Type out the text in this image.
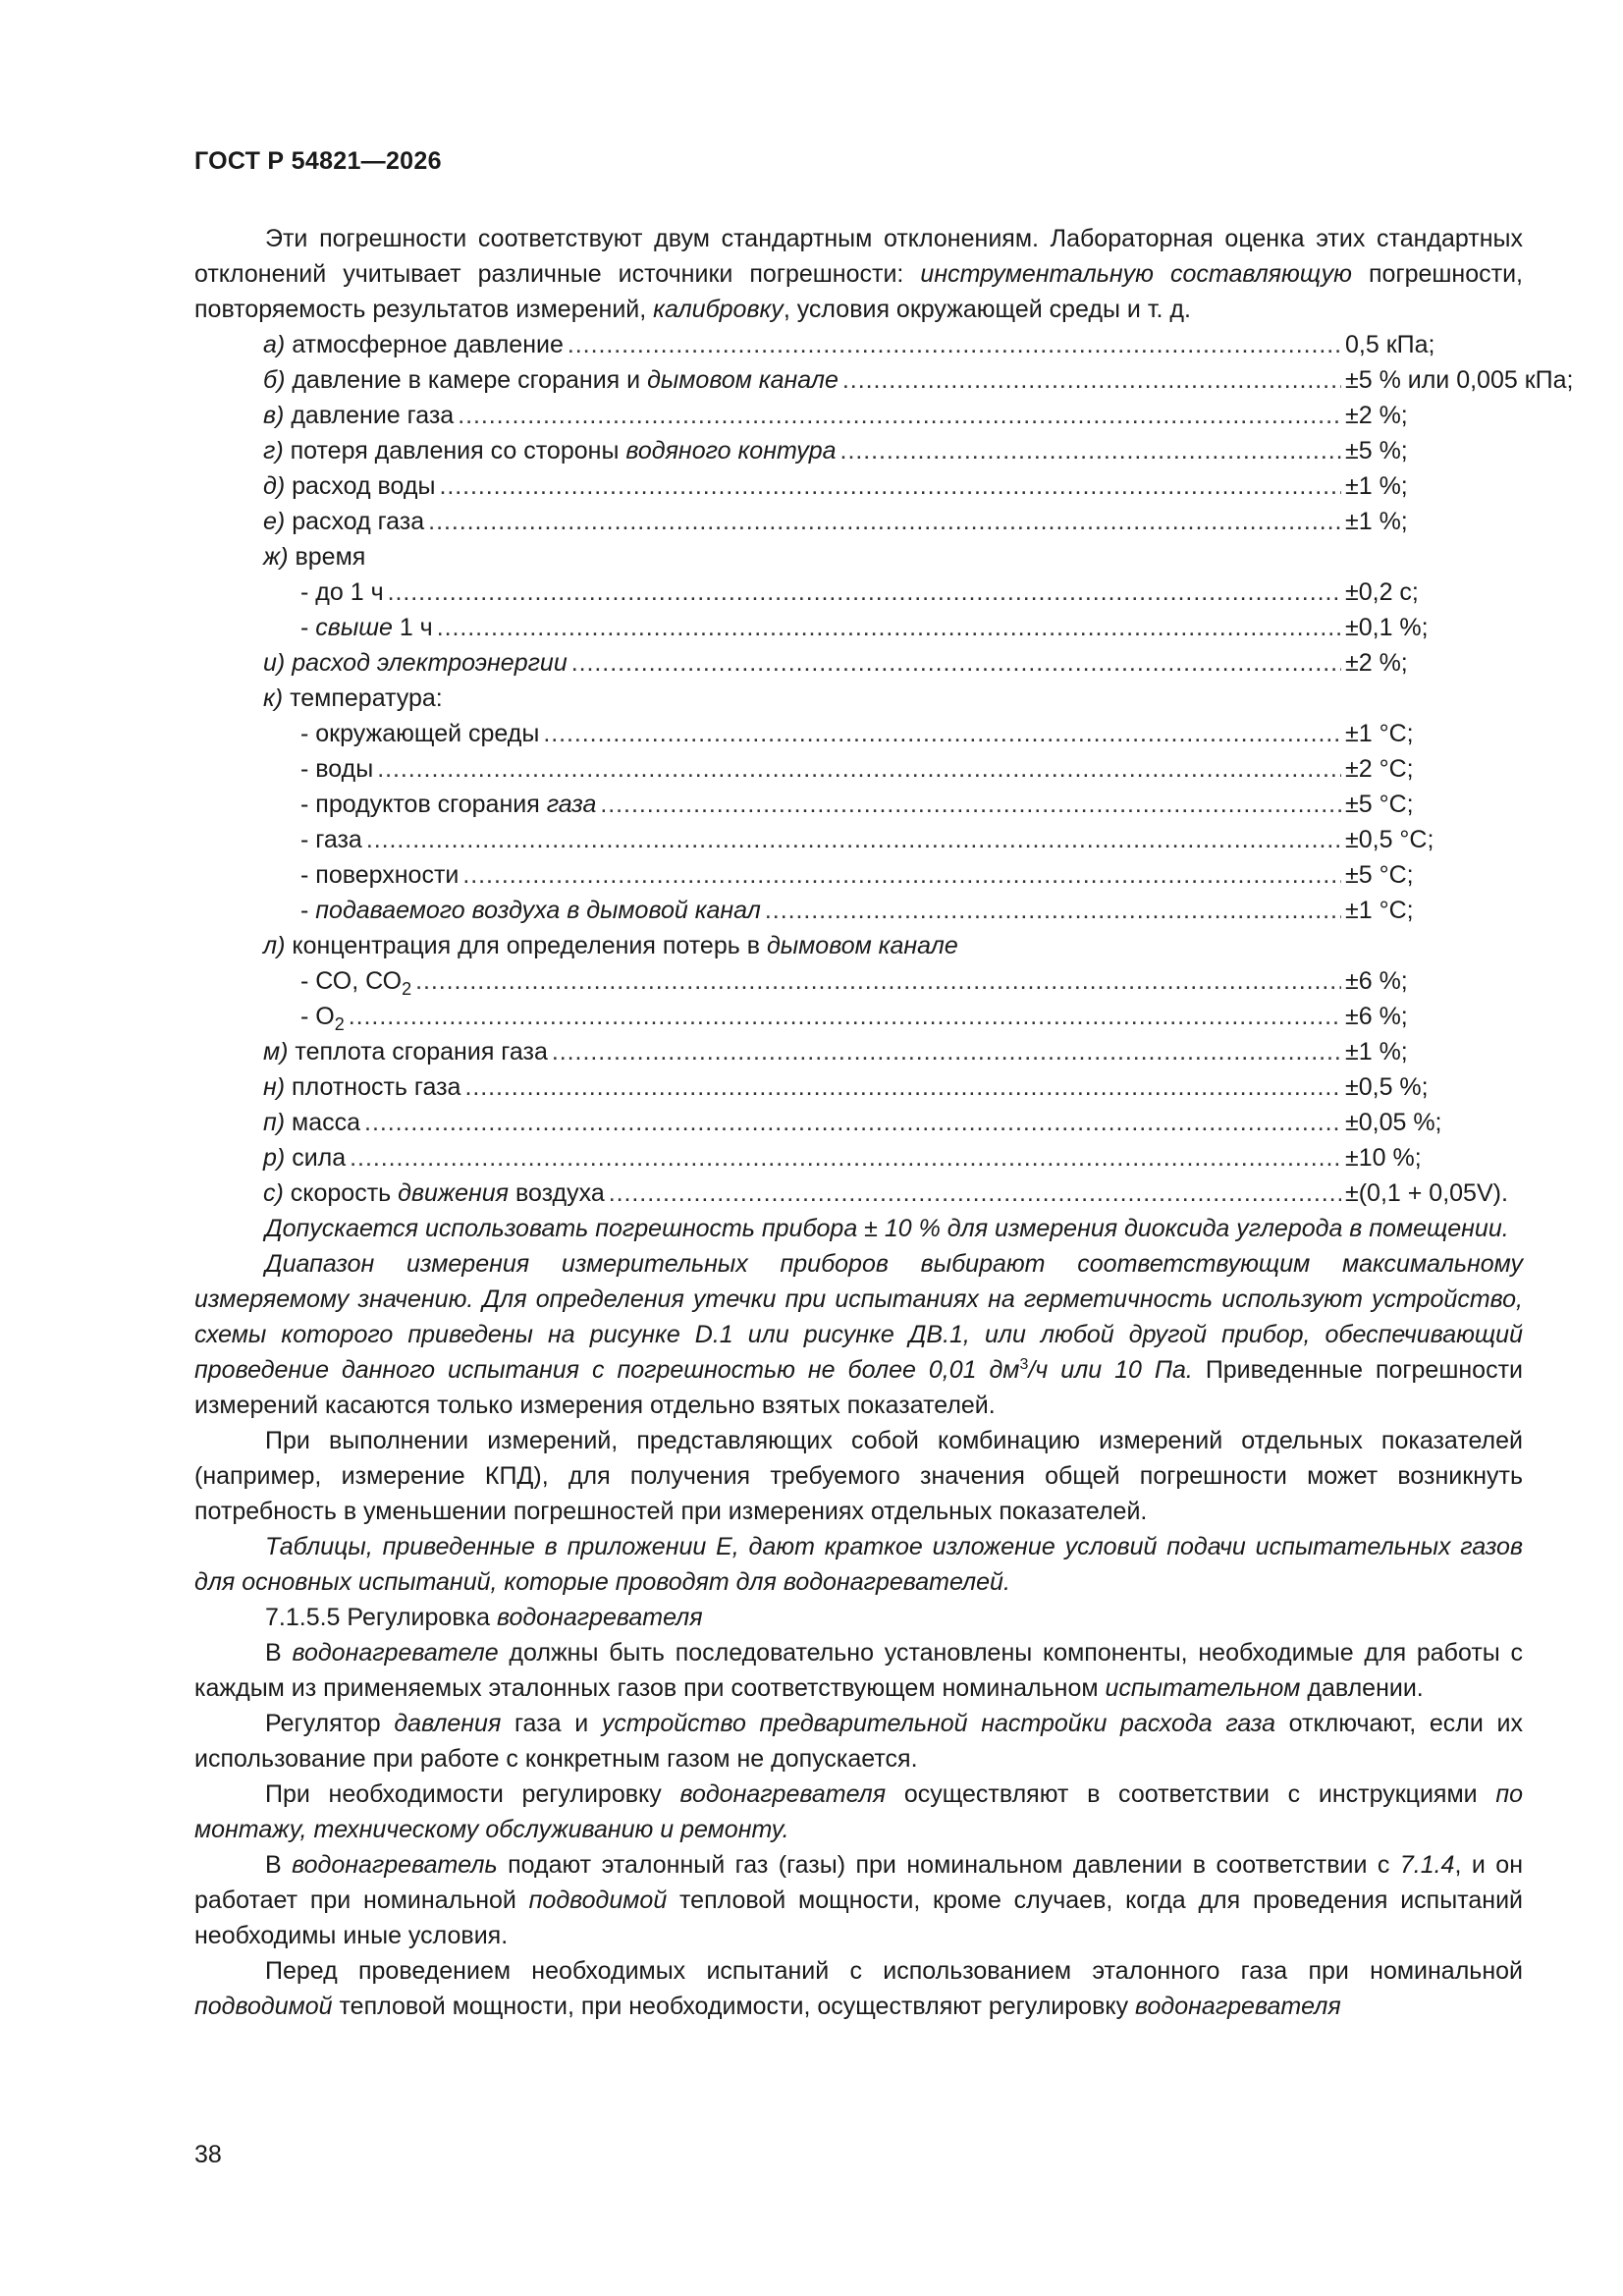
ГОСТ Р 54821—2026

Эти погрешности соответствуют двум стандартным отклонениям. Лабораторная оценка этих стандартных отклонений учитывает различные источники погрешности: инструментальную составляющую погрешности, повторяемость результатов измерений, калибровку, условия окружающей среды и т. д.

а) атмосферное давление . . .	0,5 кПа;
б) давление в камере сгорания и дымовом канале . . .	±5 % или 0,005 кПа;
в) давление газа . . .	±2 %;
г) потеря давления со стороны водяного контура . . .	±5 %;
д) расход воды . . .	±1 %;
е) расход газа . . .	±1 %;
ж) время
- до 1 ч . . .	±0,2 с;
- свыше 1 ч . . .	±0,1 %;
и) расход электроэнергии . . .	±2 %;
к) температура:
- окружающей среды . . .	±1 °С;
- воды . . .	±2 °С;
- продуктов сгорания газа . . .	±5 °С;
- газа . . .	±0,5 °С;
- поверхности . . .	±5 °С;
- подаваемого воздуха в дымовой канал . . .	±1 °С;
л) концентрация для определения потерь в дымовом канале
- СО, $СО_2$ . . .	±6 %;
- $О_2$ . . .	±6 %;
м) теплота сгорания газа . . .	±1 %;
н) плотность газа . . .	±0,5 %;
п) масса . . .	±0,05 %;
р) сила . . .	±10 %;
с) скорость движения воздуха . . .	±(0,1 + 0,05V).

Допускается использовать погрешность прибора ± 10 % для измерения диоксида углерода в помещении.

Диапазон измерения измерительных приборов выбирают соответствующим максимальному измеряемому значению. Для определения утечки при испытаниях на герметичность используют устройство, схемы которого приведены на рисунке D.1 или рисунке ДВ.1, или любой другой прибор, обеспечивающий проведение данного испытания с погрешностью не более 0,01 $дм^3/ч$ или 10 Па. Приведенные погрешности измерений касаются только измерения отдельно взятых показателей.

При выполнении измерений, представляющих собой комбинацию измерений отдельных показателей (например, измерение КПД), для получения требуемого значения общей погрешности может возникнуть потребность в уменьшении погрешностей при измерениях отдельных показателей.

Таблицы, приведенные в приложении Е, дают краткое изложение условий подачи испытательных газов для основных испытаний, которые проводят для водонагревателей.

7.1.5.5 Регулировка водонагревателя

В водонагревателе должны быть последовательно установлены компоненты, необходимые для работы с каждым из применяемых эталонных газов при соответствующем номинальном испытательном давлении.

Регулятор давления газа и устройство предварительной настройки расхода газа отключают, если их использование при работе с конкретным газом не допускается.

При необходимости регулировку водонагревателя осуществляют в соответствии с инструкциями по монтажу, техническому обслуживанию и ремонту.

В водонагреватель подают эталонный газ (газы) при номинальном давлении в соответствии с 7.1.4, и он работает при номинальной подводимой тепловой мощности, кроме случаев, когда для проведения испытаний необходимы иные условия.

Перед проведением необходимых испытаний с использованием эталонного газа при номинальной подводимой тепловой мощности, при необходимости, осуществляют регулировку водонагревателя

38
